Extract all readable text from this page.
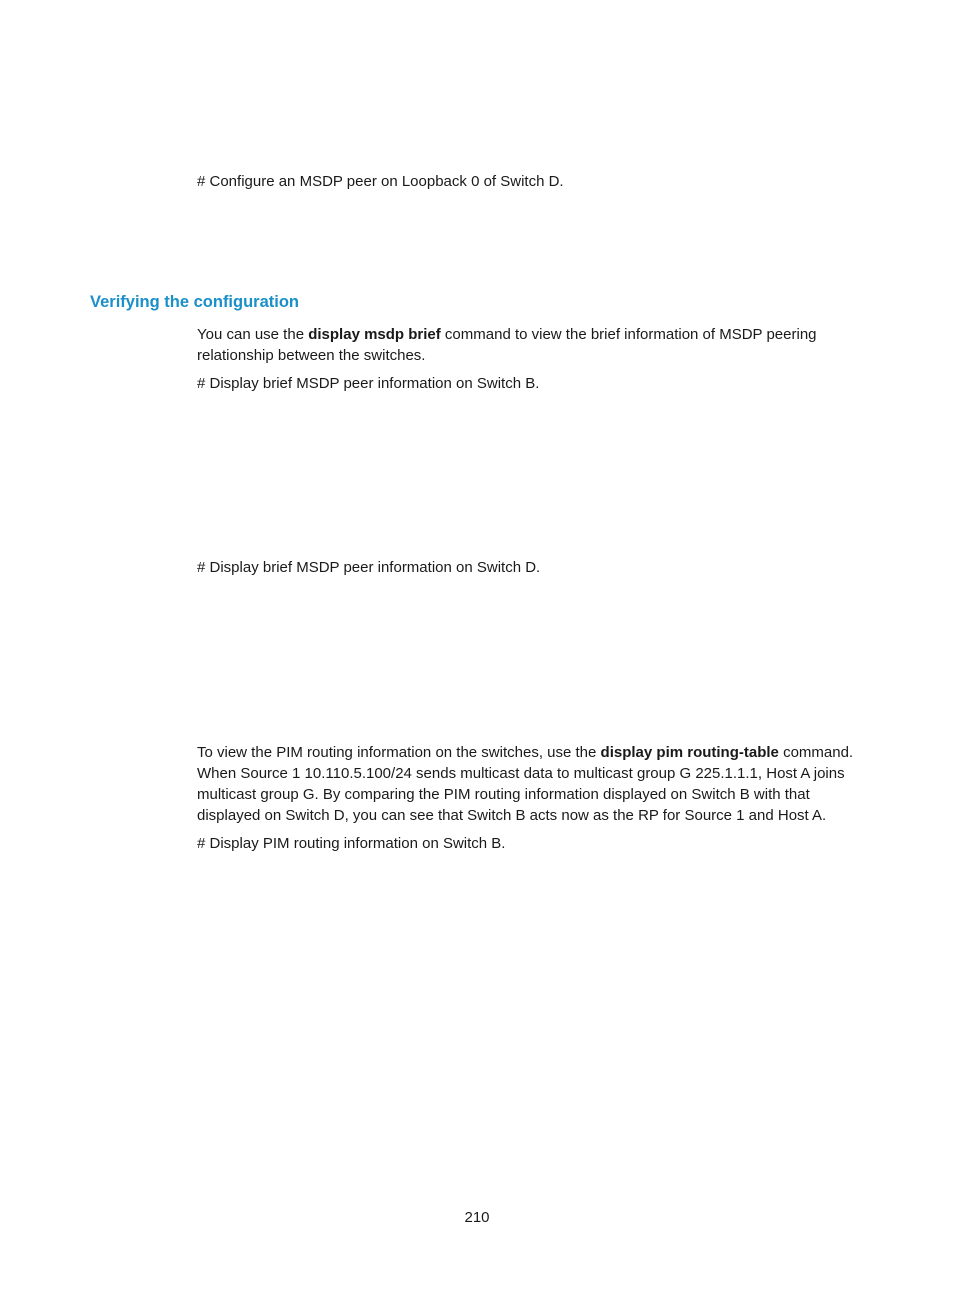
# Configure an MSDP peer on Loopback 0 of Switch D.

Verifying the configuration

You can use the display msdp brief command to view the brief information of MSDP peering relationship between the switches.

# Display brief MSDP peer information on Switch B.

# Display brief MSDP peer information on Switch D.

To view the PIM routing information on the switches, use the display pim routing-table command. When Source 1 10.110.5.100/24 sends multicast data to multicast group G 225.1.1.1, Host A joins multicast group G. By comparing the PIM routing information displayed on Switch B with that displayed on Switch D, you can see that Switch B acts now as the RP for Source 1 and Host A.

# Display PIM routing information on Switch B.

210
